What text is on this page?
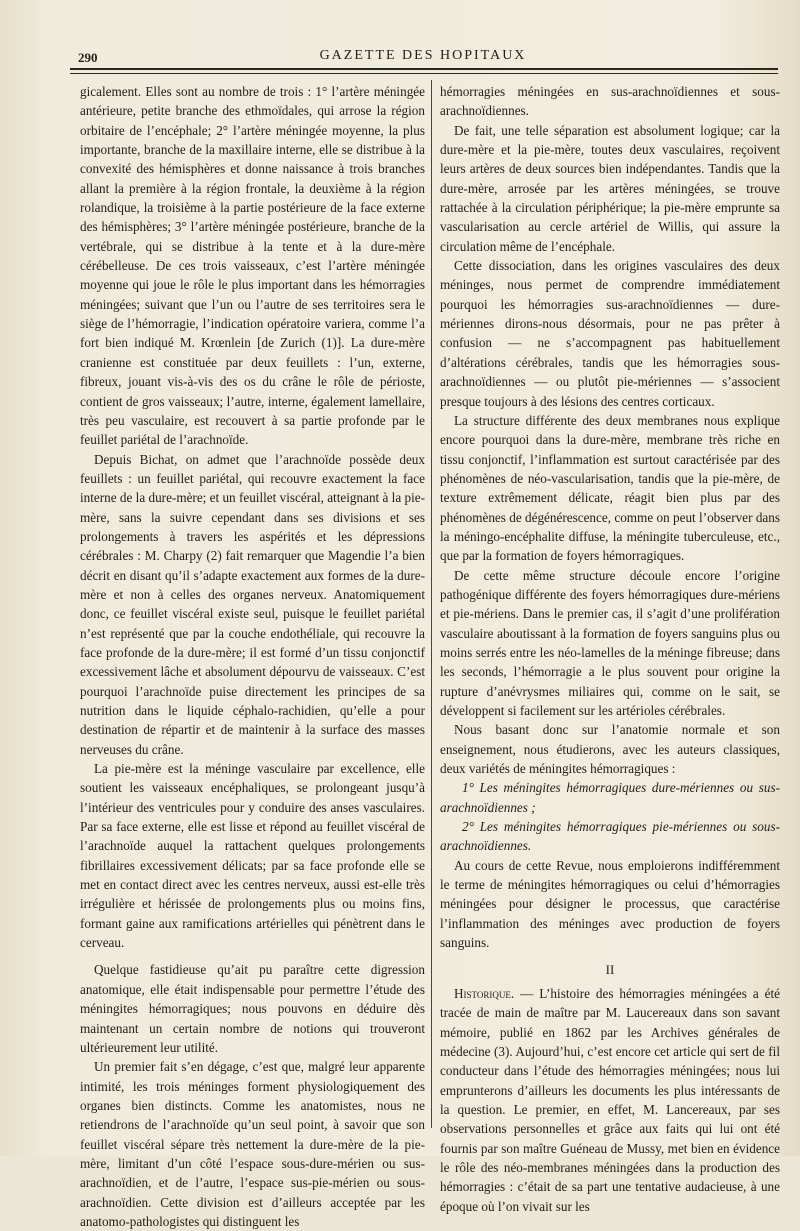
290	GAZETTE DES HOPITAUX

gicalement. Elles sont au nombre de trois : 1° l’artère méningée antérieure, petite branche des ethmoïdales, qui arrose la région orbitaire de l’encéphale; 2° l’artère méningée moyenne, la plus importante, branche de la maxillaire interne, elle se distribue à la convexité des hémisphères et donne naissance à trois branches allant la première à la région frontale, la deuxième à la région rolandique, la troisième à la partie postérieure de la face externe des hémisphères; 3° l’artère méningée postérieure, branche de la vertébrale, qui se distribue à la tente et à la dure-mère cérébelleuse. De ces trois vaisseaux, c’est l’artère méningée moyenne qui joue le rôle le plus important dans les hémorragies méningées; suivant que l’un ou l’autre de ses territoires sera le siège de l’hémorragie, l’indication opératoire variera, comme l’a fort bien indiqué M. Krœnlein [de Zurich (1)]. La dure-mère cranienne est constituée par deux feuillets : l’un, externe, fibreux, jouant vis-à-vis des os du crâne le rôle de périoste, contient de gros vaisseaux; l’autre, interne, également lamellaire, très peu vasculaire, est recouvert à sa partie profonde par le feuillet pariétal de l’arachnoïde.

Depuis Bichat, on admet que l’arachnoïde possède deux feuillets : un feuillet pariétal, qui recouvre exactement la face interne de la dure-mère; et un feuillet viscéral, atteignant à la pie-mère, sans la suivre cependant dans ses divisions et ses prolongements à travers les aspérités et les dépressions cérébrales : M. Charpy (2) fait remarquer que Magendie l’a bien décrit en disant qu’il s’adapte exactement aux formes de la dure-mère et non à celles des organes nerveux. Anatomiquement donc, ce feuillet viscéral existe seul, puisque le feuillet pariétal n’est représenté que par la couche endothéliale, qui recouvre la face profonde de la dure-mère; il est formé d’un tissu conjonctif excessivement lâche et absolument dépourvu de vaisseaux. C’est pourquoi l’arachnoïde puise directement les principes de sa nutrition dans le liquide céphalo-rachidien, qu’elle a pour destination de répartir et de maintenir à la surface des masses nerveuses du crâne.

La pie-mère est la méninge vasculaire par excellence, elle soutient les vaisseaux encéphaliques, se prolongeant jusqu’à l’intérieur des ventricules pour y conduire des anses vasculaires. Par sa face externe, elle est lisse et répond au feuillet viscéral de l’arachnoïde auquel la rattachent quelques prolongements fibrillaires excessivement délicats; par sa face profonde elle se met en contact direct avec les centres nerveux, aussi est-elle très irrégulière et hérissée de prolongements plus ou moins fins, formant gaine aux ramifications artérielles qui pénètrent dans le cerveau.

Quelque fastidieuse qu’ait pu paraître cette digression anatomique, elle était indispensable pour permettre l’étude des méningites hémorragiques; nous pouvons en déduire dès maintenant un certain nombre de notions qui trouveront ultérieurement leur utilité.

Un premier fait s’en dégage, c’est que, malgré leur apparente intimité, les trois méninges forment physiologiquement des organes bien distincts. Comme les anatomistes, nous ne retiendrons de l’arachnoïde qu’un seul point, à savoir que son feuillet viscéral sépare très nettement la dure-mère de la pie-mère, limitant d’un côté l’espace sous-dure-mérien ou sus-arachnoïdien, et de l’autre, l’espace sus-pie-mérien ou sous-arachnoïdien. Cette division est d’ailleurs acceptée par les anatomo-pathologistes qui distinguent les

hémorragies méningées en sus-arachnoïdiennes et sous-arachnoïdiennes.

De fait, une telle séparation est absolument logique; car la dure-mère et la pie-mère, toutes deux vasculaires, reçoivent leurs artères de deux sources bien indépendantes. Tandis que la dure-mère, arrosée par les artères méningées, se trouve rattachée à la circulation périphérique; la pie-mère emprunte sa vascularisation au cercle artériel de Willis, qui assure la circulation même de l’encéphale.

Cette dissociation, dans les origines vasculaires des deux méninges, nous permet de comprendre immédiatement pourquoi les hémorragies sus-arachnoïdiennes — dure-mériennes dirons-nous désormais, pour ne pas prêter à confusion — ne s’accompagnent pas habituellement d’altérations cérébrales, tandis que les hémorragies sous-arachnoïdiennes — ou plutôt pie-mériennes — s’associent presque toujours à des lésions des centres corticaux.

La structure différente des deux membranes nous explique encore pourquoi dans la dure-mère, membrane très riche en tissu conjonctif, l’inflammation est surtout caractérisée par des phénomènes de néo-vascularisation, tandis que la pie-mère, de texture extrêmement délicate, réagit bien plus par des phénomènes de dégénérescence, comme on peut l’observer dans la méningo-encéphalite diffuse, la méningite tuberculeuse, etc., que par la formation de foyers hémorragiques.

De cette même structure découle encore l’origine pathogénique différente des foyers hémorragiques dure-mériens et pie-mériens. Dans le premier cas, il s’agit d’une prolifération vasculaire aboutissant à la formation de foyers sanguins plus ou moins serrés entre les néo-lamelles de la méninge fibreuse; dans les seconds, l’hémorragie a le plus souvent pour origine la rupture d’anévrysmes miliaires qui, comme on le sait, se développent si facilement sur les artérioles cérébrales.

Nous basant donc sur l’anatomie normale et son enseignement, nous étudierons, avec les auteurs classiques, deux variétés de méningites hémorragiques :

1° Les méningites hémorragiques dure-mériennes ou sus-arachnoïdiennes ;

2° Les méningites hémorragiques pie-mériennes ou sous-arachnoïdiennes.

Au cours de cette Revue, nous emploierons indifféremment le terme de méningites hémorragiques ou celui d’hémorragies méningées pour désigner le processus, que caractérise l’inflammation des méninges avec production de foyers sanguins.

II

Historique. — L’histoire des hémorragies méningées a été tracée de main de maître par M. Laucereaux dans son savant mémoire, publié en 1862 par les Archives générales de médecine (3). Aujourd’hui, c’est encore cet article qui sert de fil conducteur dans l’étude des hémorragies méningées; nous lui emprunterons d’ailleurs les documents les plus intéressants de la question. Le premier, en effet, M. Lancereaux, par ses observations personnelles et grâce aux faits qui lui ont été fournis par son maître Guéneau de Mussy, met bien en évidence le rôle des néo-membranes méningées dans la production des hémorragies : c’était de sa part une tentative audacieuse, à une époque où l’on vivait sur les
